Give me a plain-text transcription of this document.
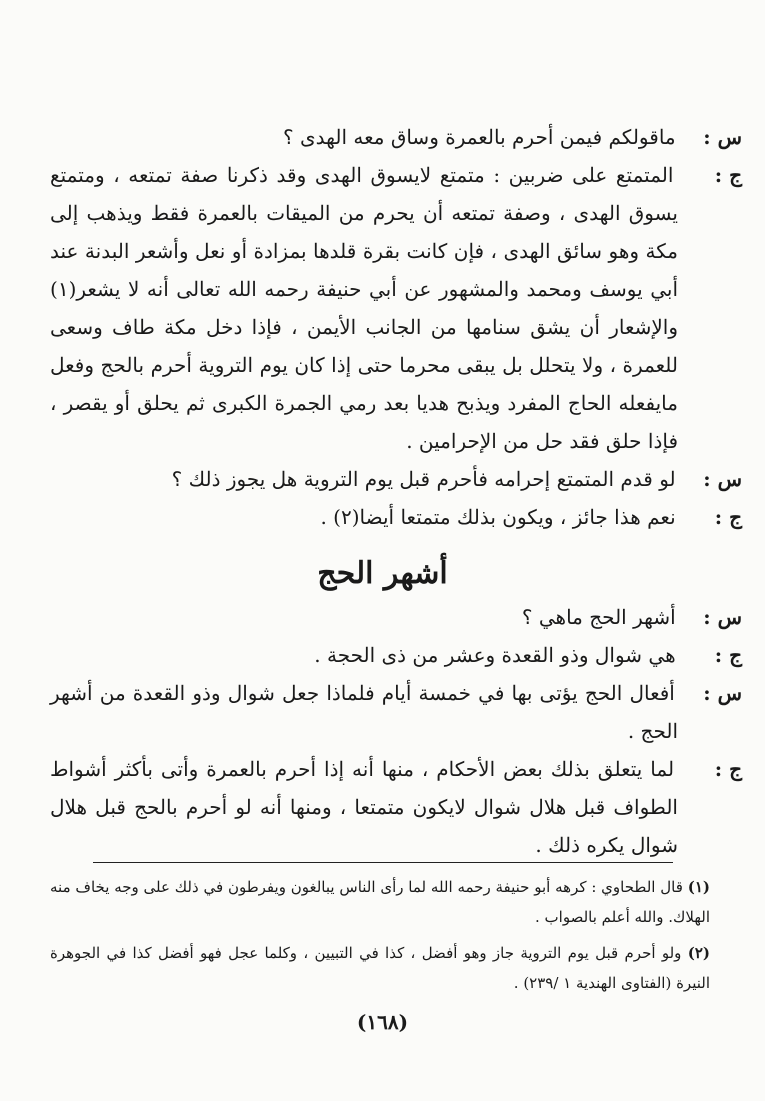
س : ماقولكم فيمن أحرم بالعمرة وساق معه الهدى ؟
ج : المتمتع على ضربين : متمتع لايسوق الهدى وقد ذكرنا صفة تمتعه ، ومتمتع يسوق الهدى ، وصفة تمتعه أن يحرم من الميقات بالعمرة فقط ويذهب إلى مكة وهو سائق الهدى ، فإن كانت بقرة قلدها بمزادة أو نعل وأشعر البدنة عند أبي يوسف ومحمد والمشهور عن أبي حنيفة رحمه الله تعالى أنه لا يشعر(١) والإشعار أن يشق سنامها من الجانب الأيمن ، فإذا دخل مكة طاف وسعى للعمرة ، ولا يتحلل بل يبقى محرما حتى إذا كان يوم التروية أحرم بالحج وفعل مايفعله الحاج المفرد ويذبح هديا بعد رمي الجمرة الكبرى ثم يحلق أو يقصر ، فإذا حلق فقد حل من الإحرامين .
س : لو قدم المتمتع إحرامه فأحرم قبل يوم التروية هل يجوز ذلك ؟
ج : نعم هذا جائز ، ويكون بذلك متمتعا أيضا(٢) .
أشهر الحج
س : أشهر الحج ماهي ؟
ج : هي شوال وذو القعدة وعشر من ذى الحجة .
س : أفعال الحج يؤتى بها في خمسة أيام فلماذا جعل شوال وذو القعدة من أشهر الحج .
ج : لما يتعلق بذلك بعض الأحكام ، منها أنه إذا أحرم بالعمرة وأتى بأكثر أشواط الطواف قبل هلال شوال لايكون متمتعا ، ومنها أنه لو أحرم بالحج قبل هلال شوال يكره ذلك .
(١) قال الطحاوي : كرهه أبو حنيفة رحمه الله لما رأى الناس يبالغون ويفرطون في ذلك على وجه يخاف منه الهلاك. والله أعلم بالصواب .
(٢) ولو أحرم قبل يوم التروية جاز وهو أفضل ، كذا في التبيين ، وكلما عجل فهو أفضل كذا في الجوهرة النيرة (الفتاوى الهندية ١ /٢٣٩) .
(١٦٨)
